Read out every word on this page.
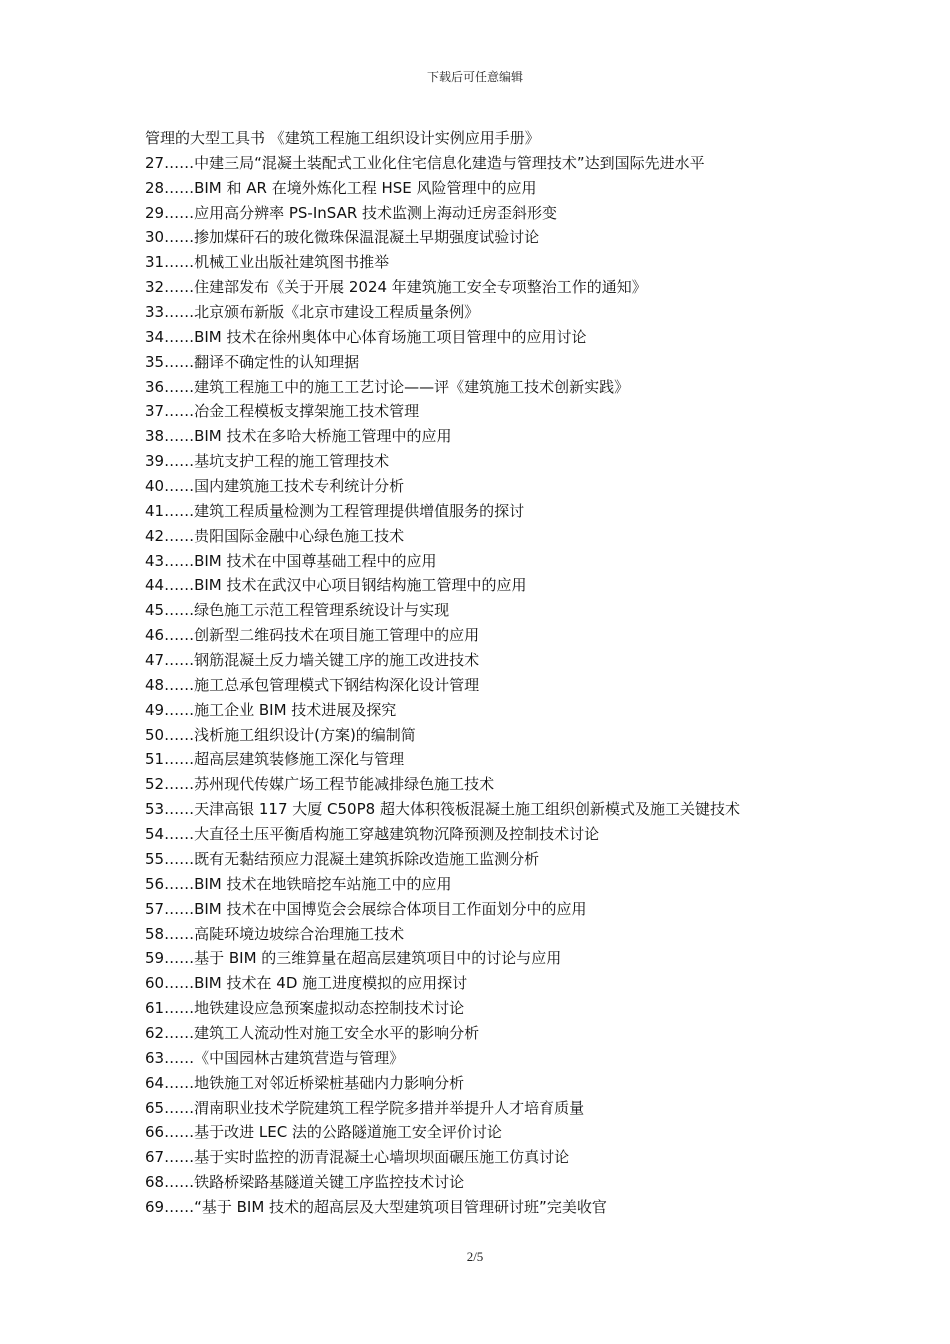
下载后可任意编辑
管理的大型工具书 《建筑工程施工组织设计实例应用手册》
27……中建三局“混凝土装配式工业化住宅信息化建造与管理技术”达到国际先进水平
28……BIM 和 AR 在境外炼化工程 HSE 风险管理中的应用
29……应用高分辨率 PS-InSAR 技术监测上海动迁房歪斜形变
30……掺加煤矸石的玻化微珠保温混凝土早期强度试验讨论
31……机械工业出版社建筑图书推举
32……住建部发布《关于开展 2024 年建筑施工安全专项整治工作的通知》
33……北京颁布新版《北京市建设工程质量条例》
34……BIM 技术在徐州奥体中心体育场施工项目管理中的应用讨论
35……翻译不确定性的认知理据
36……建筑工程施工中的施工工艺讨论——评《建筑施工技术创新实践》
37……冶金工程模板支撑架施工技术管理
38……BIM 技术在多哈大桥施工管理中的应用
39……基坑支护工程的施工管理技术
40……国内建筑施工技术专利统计分析
41……建筑工程质量检测为工程管理提供增值服务的探讨
42……贵阳国际金融中心绿色施工技术
43……BIM 技术在中国尊基础工程中的应用
44……BIM 技术在武汉中心项目钢结构施工管理中的应用
45……绿色施工示范工程管理系统设计与实现
46……创新型二维码技术在项目施工管理中的应用
47……钢筋混凝土反力墙关键工序的施工改进技术
48……施工总承包管理模式下钢结构深化设计管理
49……施工企业 BIM 技术进展及探究
50……浅析施工组织设计(方案)的编制简
51……超高层建筑装修施工深化与管理
52……苏州现代传媒广场工程节能减排绿色施工技术
53……天津高银 117 大厦 C50P8 超大体积筏板混凝土施工组织创新模式及施工关键技术
54……大直径土压平衡盾构施工穿越建筑物沉降预测及控制技术讨论
55……既有无黏结预应力混凝土建筑拆除改造施工监测分析
56……BIM 技术在地铁暗挖车站施工中的应用
57……BIM 技术在中国博览会会展综合体项目工作面划分中的应用
58……高陡环境边坡综合治理施工技术
59……基于 BIM 的三维算量在超高层建筑项目中的讨论与应用
60……BIM 技术在 4D 施工进度模拟的应用探讨
61……地铁建设应急预案虚拟动态控制技术讨论
62……建筑工人流动性对施工安全水平的影响分析
63……《中国园林古建筑营造与管理》
64……地铁施工对邻近桥梁桩基础内力影响分析
65……渭南职业技术学院建筑工程学院多措并举提升人才培育质量
66……基于改进 LEC 法的公路隧道施工安全评价讨论
67……基于实时监控的沥青混凝土心墙坝坝面碾压施工仿真讨论
68……铁路桥梁路基隧道关键工序监控技术讨论
69……“基于 BIM 技术的超高层及大型建筑项目管理研讨班”完美收官
2/5
